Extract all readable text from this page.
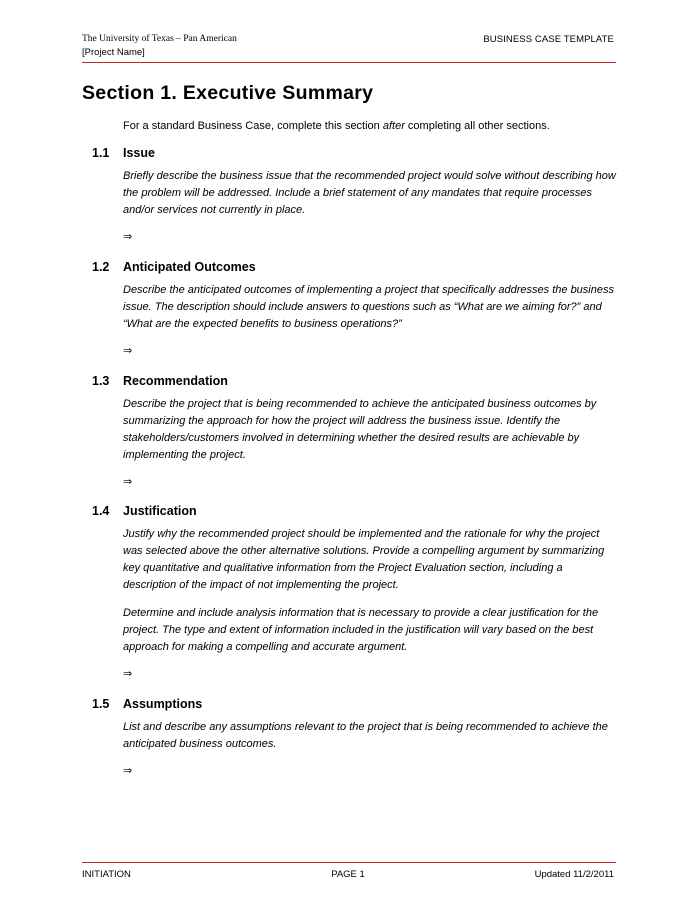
The University of Texas – Pan American
[Project Name]
BUSINESS CASE TEMPLATE
Section 1. Executive Summary
For a standard Business Case, complete this section after completing all other sections.
1.1	Issue

Briefly describe the business issue that the recommended project would solve without describing how the problem will be addressed. Include a brief statement of any mandates that require processes and/or services not currently in place.

⇒
1.2	Anticipated Outcomes

Describe the anticipated outcomes of implementing a project that specifically addresses the business issue. The description should include answers to questions such as “What are we aiming for?” and “What are the expected benefits to business operations?”

⇒
1.3	Recommendation

Describe the project that is being recommended to achieve the anticipated business outcomes by summarizing the approach for how the project will address the business issue. Identify the stakeholders/customers involved in determining whether the desired results are achievable by implementing the project.

⇒
1.4	Justification

Justify why the recommended project should be implemented and the rationale for why the project was selected above the other alternative solutions. Provide a compelling argument by summarizing key quantitative and qualitative information from the Project Evaluation section, including a description of the impact of not implementing the project.

Determine and include analysis information that is necessary to provide a clear justification for the project. The type and extent of information included in the justification will vary based on the best approach for making a compelling and accurate argument.

⇒
1.5	Assumptions

List and describe any assumptions relevant to the project that is being recommended to achieve the anticipated business outcomes.

⇒
INITIATION	PAGE 1	Updated 11/2/2011
